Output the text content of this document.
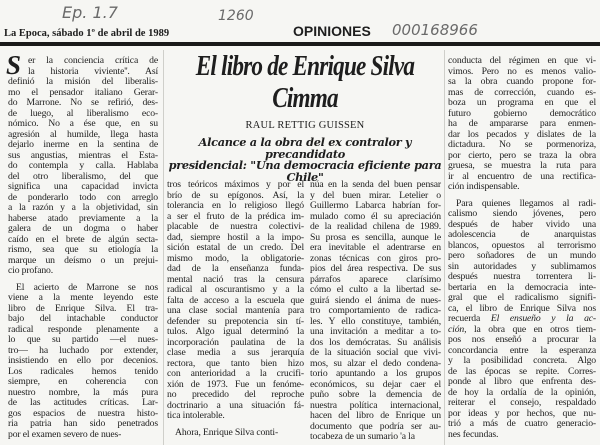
Ep. 1.7	1260
000168966
La Epoca, sábado 1º de abril de 1989	OPINIONES
El libro de Enrique Silva
Cimma
RAUL RETTIG GUISSEN
Alcance a la obra del ex contralor y precandidato
presidencial: "Una democracia eficiente para
Chile"
S er la conciencia crítica de
la historia viviente''. Así
definió la misión del liberalis-
mo el pensador italiano Gerar-
do Marrone. No se refirió, des-
de luego, al liberalismo eco-
nómico. No a ése que, en su
agresión al humilde, llega hasta
dejarlo inerme en la sentina de
sus angustias, mientras el Esta-
do contempla y calla. Hablaba
del otro liberalismo, del que
significa una capacidad invicta
de ponderarlo todo con arreglo
a la razón y a la objetividad, sin
haberse atado previamente a la
galera de un dogma o haber
caído en el brete de algún secta-
rismo, sea que su etiología la
marque un deísmo o un prejui-
cio profano.
El acierto de Marrone se nos
viene a la mente leyendo este
libro de Enrique Silva. El tra-
bajo del intachable conductor
radical responde plenamente a
lo que su partido —el nues-
tro— ha luchado por extender,
insistiendo en ello por decenios.
Los radicales hemos tenido
siempre, en coherencia con
nuestro nombre, la más pura
de las actitudes críticas. Lar-
gos espacios de nuestra histo-
ria patria han sido penetrados
por el examen severo de nues-
tros teóricos máximos y por el
brío de su epígonos. Así, la
tolerancia en lo religioso llegó
a ser el fruto de la prédica im-
placable de nuestra colectivi-
dad, siempre hostil a la impo-
sición estatal de un credo. Del
mismo modo, la obligatorie-
dad de la enseñanza funda-
mental nació tras la censura
radical al oscurantismo y a la
falta de acceso a la escuela que
una clase social mantenía para
defender su prepotencia sin tí-
tulos. Algo igual determinó la
incorporación paulatina de la
clase media a sus jerarquía
rectora, que tanto bien hizo
con anterioridad a la crucifi-
xión de 1973. Fue un fenóme-
no precedido del reproche
doctrinario a una situación fá-
tica intolerable.
Ahora, Enrique Silva conti-
núa en la senda del buen pensar
y del buen mirar. Letelier o
Guillermo Labarca habrían for-
mulado como él su apreciación
de la realidad chilena de 1989.
Su prosa es sencilla, aunque le
era inevitable el adentrarse en
zonas técnicas con giros pro-
pios del área respectiva. De sus
párrafos aparece clarísimo
cómo el culto a la libertad se-
guirá siendo el ánima de nues-
tro comportamiento de radica-
les. Y ello constituye, también,
una invitación a meditar a to-
dos los demócratas. Su análisis
de la situación social que vivi-
mos, su alzar el dedo condena-
torio apuntando a los grupos
económicos, su dejar caer el
puño sobre la demencia de
nuestra política internacional,
hacen del libro de Enrique un
documento que podría ser au-
tocabeza de un sumario 'a la
conducta del régimen en que vi-
vimos. Pero no es menos valio-
sa la obra cuando propone for-
mas de corrección, cuando es-
boza un programa en que el
futuro gobierno democrático
ha de ampararse para enmen-
dar los pecados y dislates de la
dictadura. No se pormenoriza,
por cierto, pero se traza la obra
gruesa, se muestra la ruta para
ir al encuentro de una rectifica-
ción indispensable.
Para quienes llegamos al radi-
calismo siendo jóvenes, pero
después de haber vivido una
adolescencia de anarquistas
blancos, opuestos al terrorismo
pero soñadores de un mundo
sin autoridades y sublimamos
después nuestra torrentera li-
bertaria en la democracia inte-
gral que el radicalismo signifi-
ca, el libro de Enrique Silva nos
recuerda El ensueño y la ac-
ción, la obra que en otros tiem-
pos nos enseñó a procurar la
concordancia entre la esperanza
y la posibilidad concreta. Algo
de las épocas se repite. Corres-
ponde al libro que enfrenta des-
de hoy la ordalía de la opinión,
reiterar el consejo, respaldado
por ideas y por hechos, que nu-
trió a más de cuatro generacio-
nes fecundas.
